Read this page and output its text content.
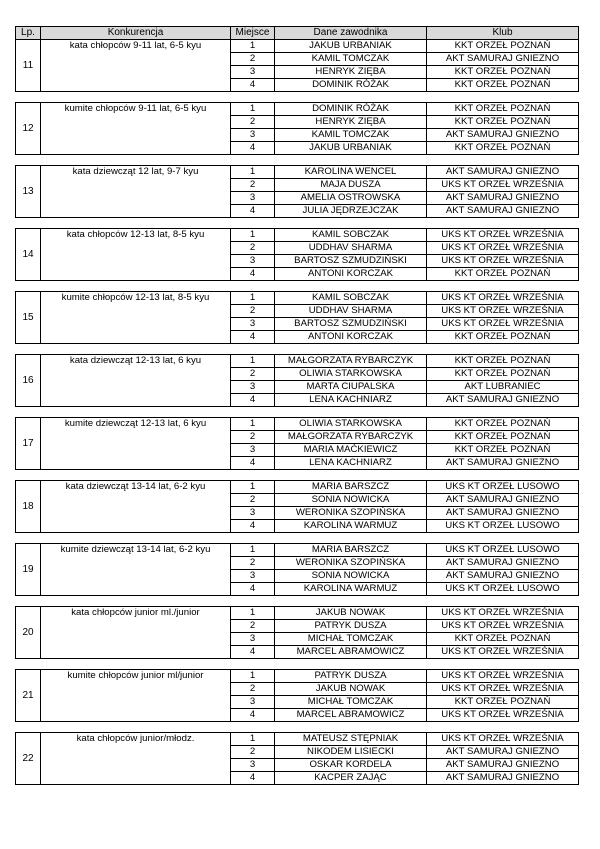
Lp.	Konkurencja	Miejsce	Dane zawodnika	Klub
11	kata chłopców 9-11 lat, 6-5 kyu	1	JAKUB URBANIAK	KKT ORZEŁ POZNAŃ
		2	KAMIL TOMCZAK	AKT SAMURAJ GNIEZNO
		3	HENRYK ZIĘBA	KKT ORZEŁ POZNAŃ
		4	DOMINIK RÓŻAK	KKT ORZEŁ POZNAŃ

12	kumite chłopców 9-11 lat, 6-5 kyu	1	DOMINIK RÓŻAK	KKT ORZEŁ POZNAŃ
		2	HENRYK ZIĘBA	KKT ORZEŁ POZNAŃ
		3	KAMIL TOMCZAK	AKT SAMURAJ GNIEZNO
		4	JAKUB URBANIAK	KKT ORZEŁ POZNAŃ

13	kata dziewcząt 12 lat, 9-7 kyu	1	KAROLINA WENCEL	AKT SAMURAJ GNIEZNO
		2	MAJA DUSZA	UKS KT ORZEŁ WRZEŚNIA
		3	AMELIA OSTROWSKA	AKT SAMURAJ GNIEZNO
		4	JULIA JĘDRZEJCZAK	AKT SAMURAJ GNIEZNO

14	kata chłopców 12-13 lat, 8-5 kyu	1	KAMIL SOBCZAK	UKS KT ORZEŁ WRZEŚNIA
		2	UDDHAV SHARMA	UKS KT ORZEŁ WRZEŚNIA
		3	BARTOSZ SZMUDZIŃSKI	UKS KT ORZEŁ WRZEŚNIA
		4	ANTONI KORCZAK	KKT ORZEŁ POZNAŃ

15	kumite chłopców 12-13 lat, 8-5 kyu	1	KAMIL SOBCZAK	UKS KT ORZEŁ WRZEŚNIA
		2	UDDHAV SHARMA	UKS KT ORZEŁ WRZEŚNIA
		3	BARTOSZ SZMUDZIŃSKI	UKS KT ORZEŁ WRZEŚNIA
		4	ANTONI KORCZAK	KKT ORZEŁ POZNAŃ

16	kata dziewcząt 12-13 lat, 6 kyu	1	MAŁGORZATA RYBARCZYK	KKT ORZEŁ POZNAŃ
		2	OLIWIA STARKOWSKA	KKT ORZEŁ POZNAŃ
		3	MARTA CIUPALSKA	AKT LUBRANIEC
		4	LENA KACHNIARZ	AKT SAMURAJ GNIEZNO

17	kumite dziewcząt 12-13 lat, 6 kyu	1	OLIWIA STARKOWSKA	KKT ORZEŁ POZNAŃ
		2	MAŁGORZATA RYBARCZYK	KKT ORZEŁ POZNAŃ
		3	MARIA MAĆKIEWICZ	KKT ORZEŁ POZNAŃ
		4	LENA KACHNIARZ	AKT SAMURAJ GNIEZNO

18	kata dziewcząt 13-14 lat, 6-2 kyu	1	MARIA BARSZCZ	UKS KT ORZEŁ LUSOWO
		2	SONIA NOWICKA	AKT SAMURAJ GNIEZNO
		3	WERONIKA SZOPIŃSKA	AKT SAMURAJ GNIEZNO
		4	KAROLINA WARMUZ	UKS KT ORZEŁ LUSOWO

19	kumite dziewcząt 13-14 lat, 6-2 kyu	1	MARIA BARSZCZ	UKS KT ORZEŁ LUSOWO
		2	WERONIKA SZOPIŃSKA	AKT SAMURAJ GNIEZNO
		3	SONIA NOWICKA	AKT SAMURAJ GNIEZNO
		4	KAROLINA WARMUZ	UKS KT ORZEŁ LUSOWO

20	kata chłopców junior ml./junior	1	JAKUB NOWAK	UKS KT ORZEŁ WRZEŚNIA
		2	PATRYK DUSZA	UKS KT ORZEŁ WRZEŚNIA
		3	MICHAŁ TOMCZAK	KKT ORZEŁ POZNAŃ
		4	MARCEL ABRAMOWICZ	UKS KT ORZEŁ WRZEŚNIA

21	kumite chłopców junior ml/junior	1	PATRYK DUSZA	UKS KT ORZEŁ WRZEŚNIA
		2	JAKUB NOWAK	UKS KT ORZEŁ WRZEŚNIA
		3	MICHAŁ TOMCZAK	KKT ORZEŁ POZNAŃ
		4	MARCEL ABRAMOWICZ	UKS KT ORZEŁ WRZEŚNIA

22	kata chłopców junior/młodz.	1	MATEUSZ STĘPNIAK	UKS KT ORZEŁ WRZEŚNIA
		2	NIKODEM LISIECKI	AKT SAMURAJ GNIEZNO
		3	OSKAR KORDELA	AKT SAMURAJ GNIEZNO
		4	KACPER ZAJĄC	AKT SAMURAJ GNIEZNO
